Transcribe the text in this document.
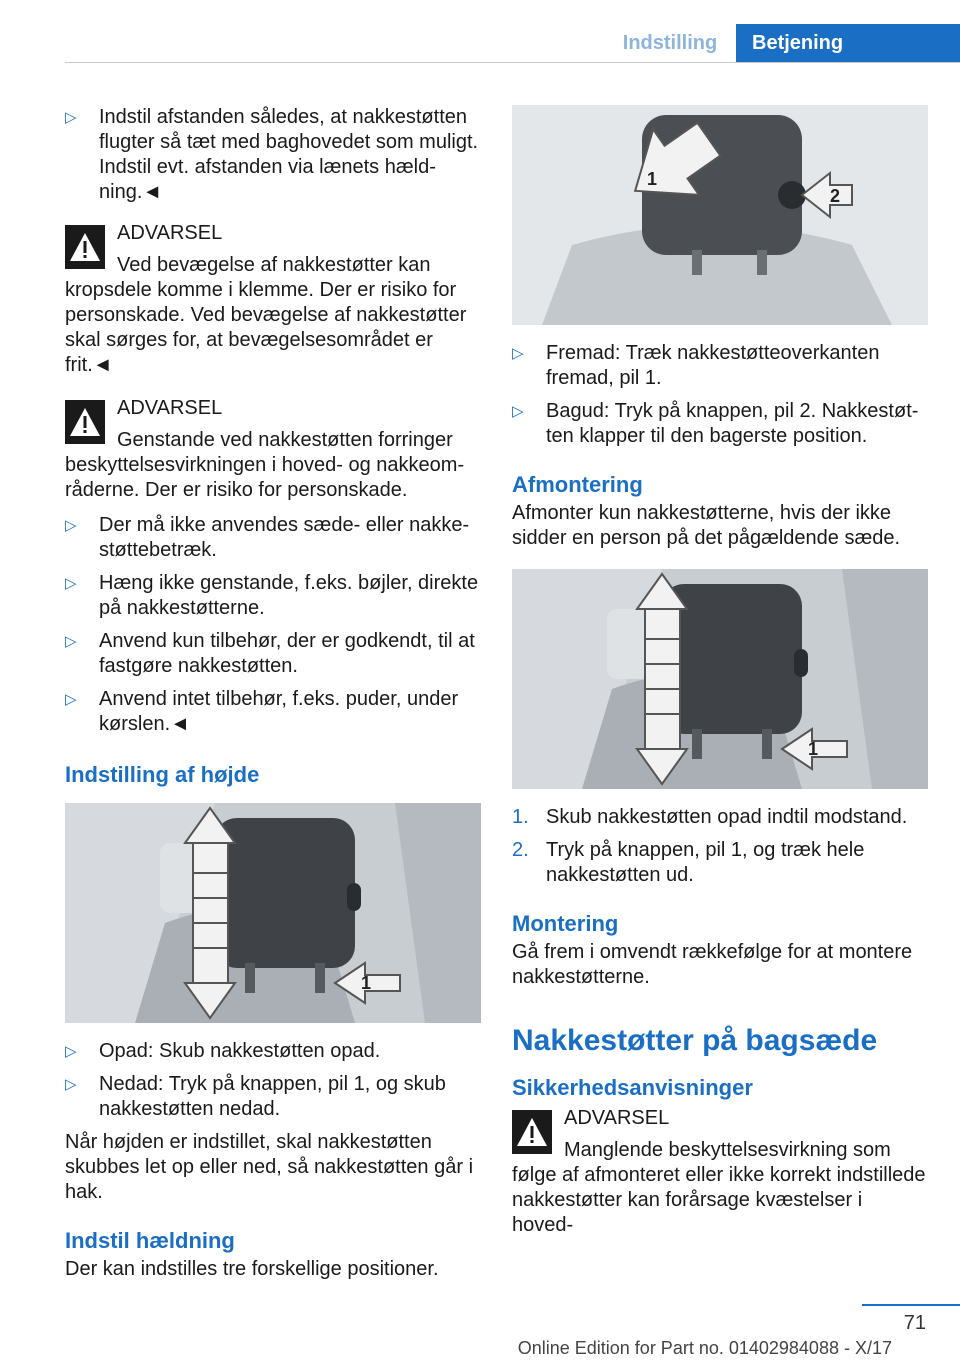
Indstilling	Betjening
▷ Indstil afstanden således, at nakkestøtten flugter så tæt med baghovedet som muligt. Indstil evt. afstanden via lænets hældning.◄
ADVARSEL
Ved bevægelse af nakkestøtter kan kropsdele komme i klemme. Der er risiko for personskade. Ved bevægelse af nakkestøtter skal sørges for, at bevægelsesområdet er frit.◄
ADVARSEL
Genstande ved nakkestøtten forringer beskyttelsesvirkningen i hoved- og nakkeområderne. Der er risiko for personskade.
▷ Der må ikke anvendes sæde- eller nakkestøttebetræk.
▷ Hæng ikke genstande, f.eks. bøjler, direkte på nakkestøtterne.
▷ Anvend kun tilbehør, der er godkendt, til at fastgøre nakkestøtten.
▷ Anvend intet tilbehør, f.eks. puder, under kørslen.◄
Indstilling af højde
1
▷ Opad: Skub nakkestøtten opad.
▷ Nedad: Tryk på knappen, pil 1, og skub nakkestøtten nedad.

Når højden er indstillet, skal nakkestøtten skubbes let op eller ned, så nakkestøtten går i hak.

Indstil hældning

Der kan indstilles tre forskellige positioner.

1
2
▷ Fremad: Træk nakkestøtteoverkanten fremad, pil 1.
▷ Bagud: Tryk på knappen, pil 2. Nakkestøtten klapper til den bagerste position.
Afmontering

Afmonter kun nakkestøtterne, hvis der ikke sidder en person på det pågældende sæde.

1
1. Skub nakkestøtten opad indtil modstand.
2. Tryk på knappen, pil 1, og træk hele nakkestøtten ud.
Montering

Gå frem i omvendt rækkefølge for at montere nakkestøtterne.

Nakkestøtter på bagsæde
Sikkerhedsanvisninger
ADVARSEL
Manglende beskyttelsesvirkning som følge af afmonteret eller ikke korrekt indstillede nakkestøtter kan forårsage kvæstelser i hoved-
71
Online Edition for Part no. 01402984088 - X/17
